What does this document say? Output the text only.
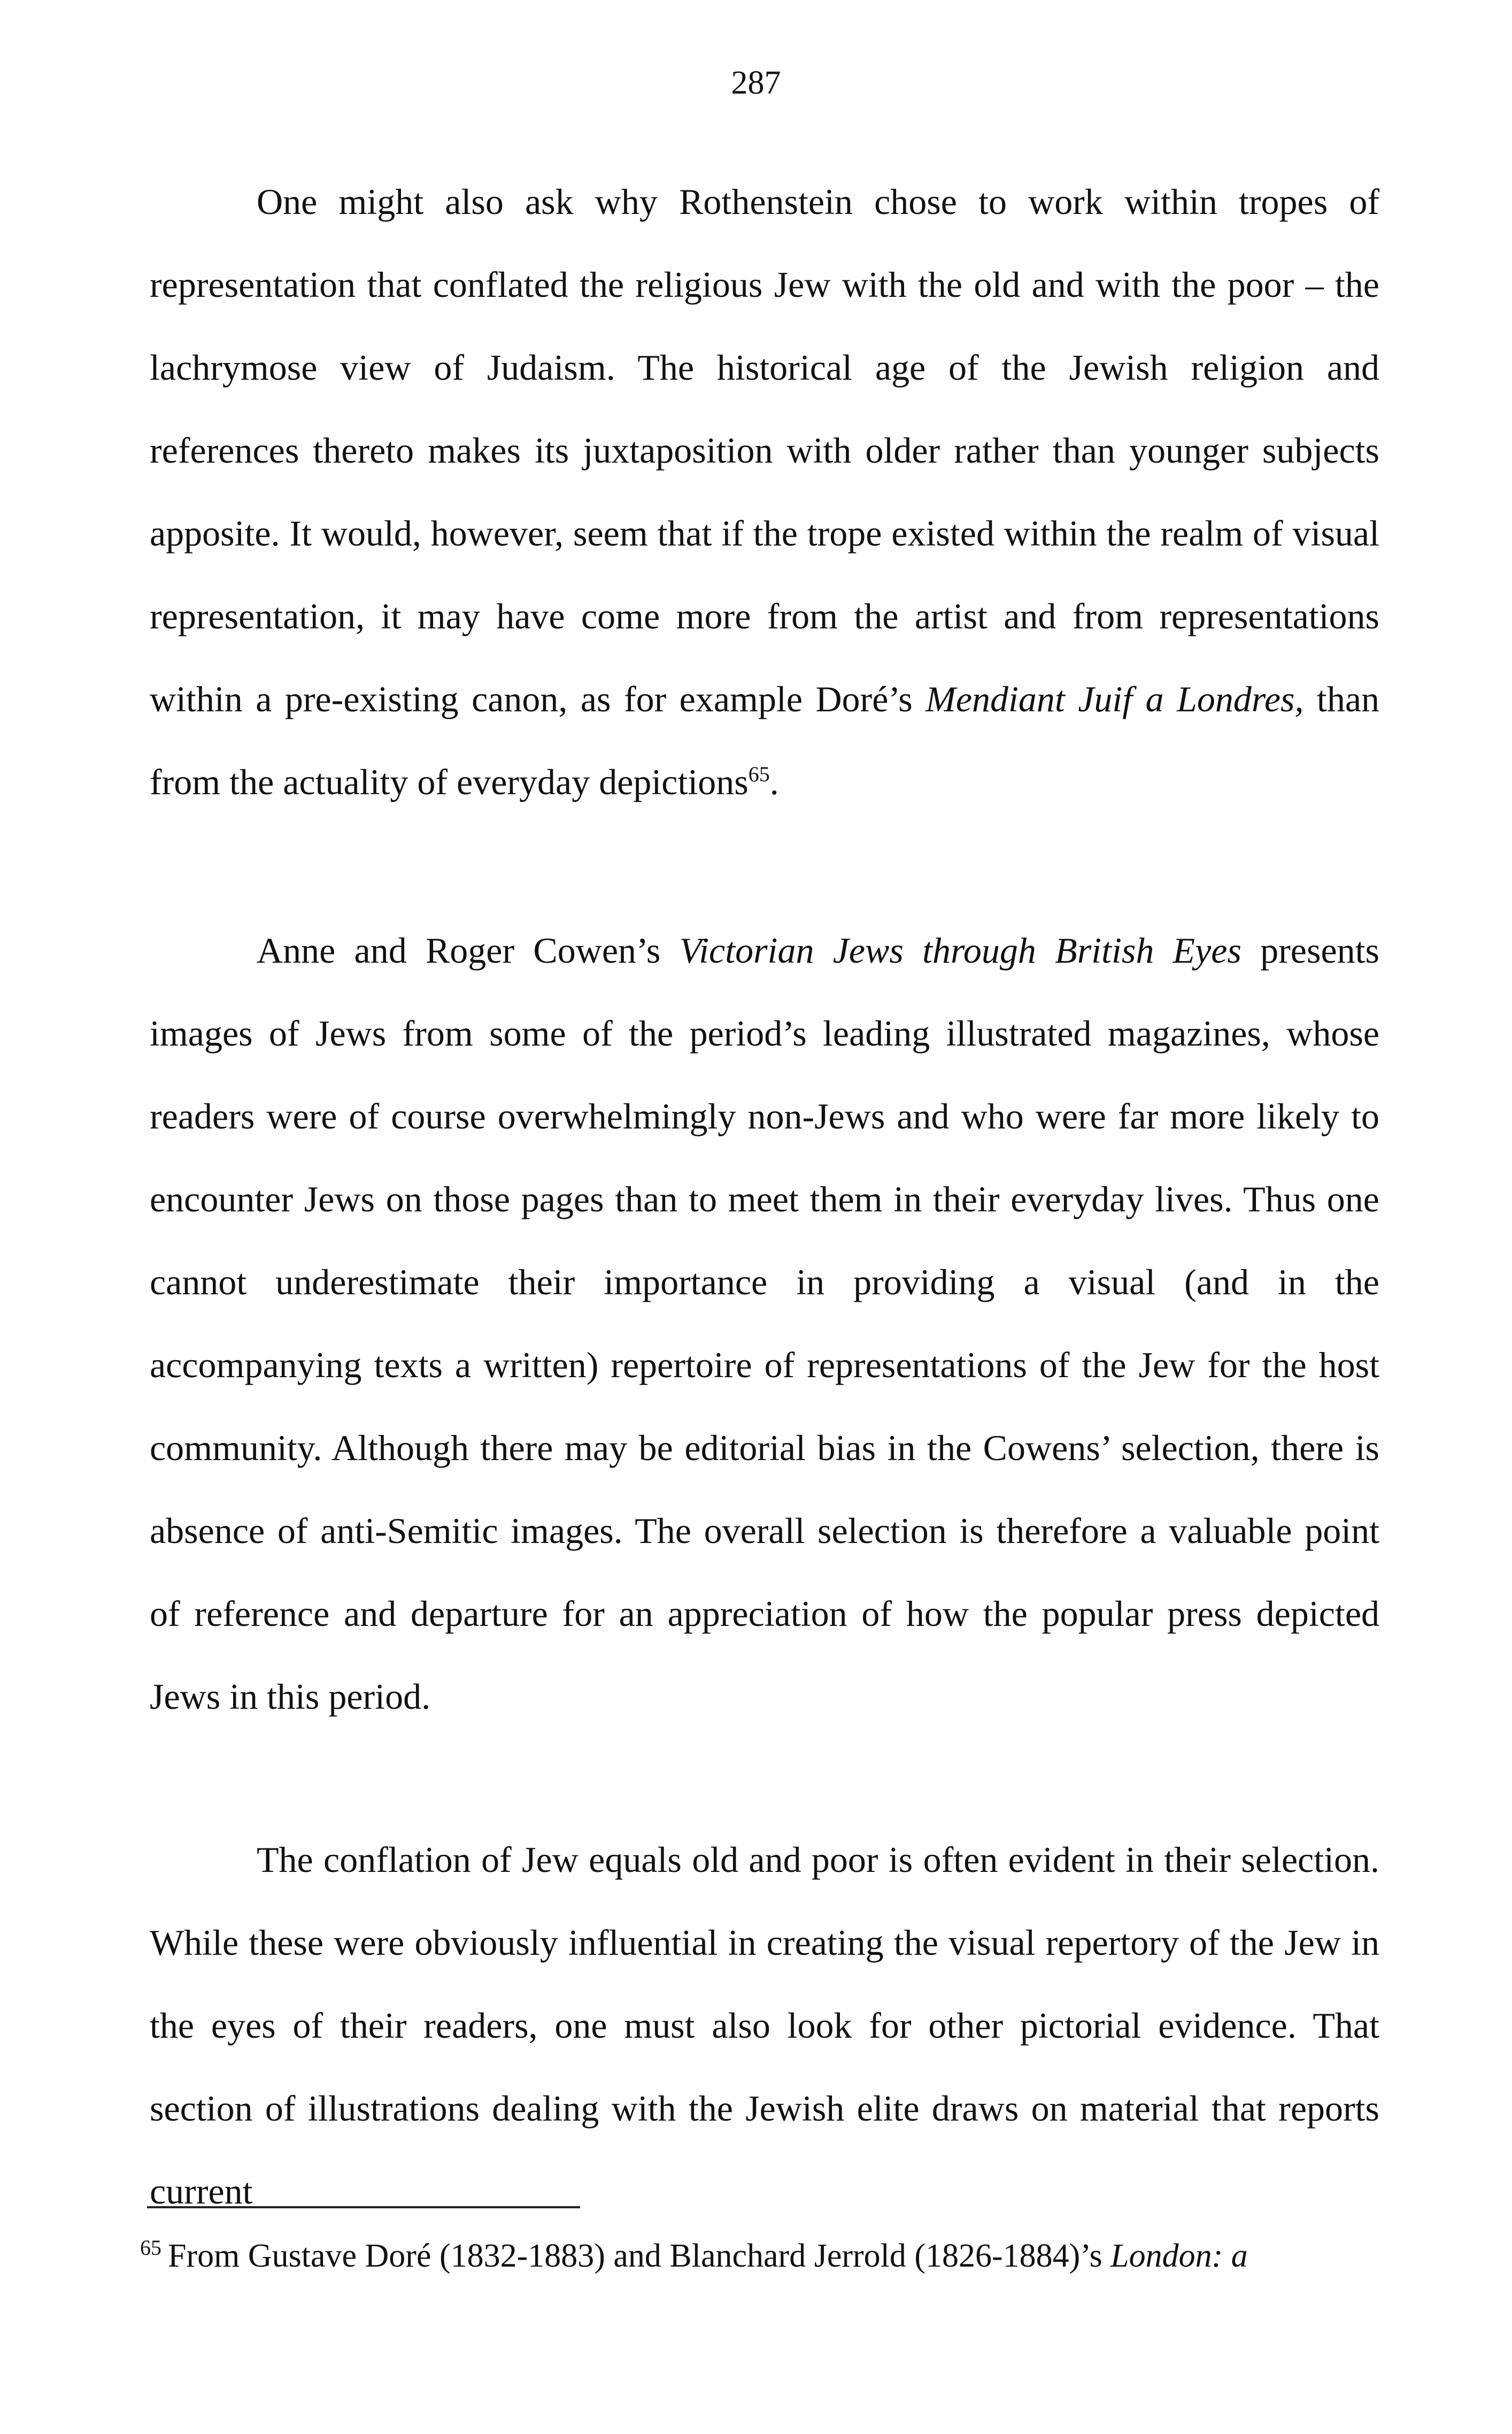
287

One might also ask why Rothenstein chose to work within tropes of representation that conflated the religious Jew with the old and with the poor – the lachrymose view of Judaism. The historical age of the Jewish religion and references thereto makes its juxtaposition with older rather than younger subjects apposite. It would, however, seem that if the trope existed within the realm of visual representation, it may have come more from the artist and from representations within a pre-existing canon, as for example Doré’s Mendiant Juif a Londres, than from the actuality of everyday depictions$^{65}$.

Anne and Roger Cowen’s Victorian Jews through British Eyes presents images of Jews from some of the period’s leading illustrated magazines, whose readers were of course overwhelmingly non-Jews and who were far more likely to encounter Jews on those pages than to meet them in their everyday lives. Thus one cannot underestimate their importance in providing a visual (and in the accompanying texts a written) repertoire of representations of the Jew for the host community. Although there may be editorial bias in the Cowens’ selection, there is absence of anti-Semitic images. The overall selection is therefore a valuable point of reference and departure for an appreciation of how the popular press depicted Jews in this period.

The conflation of Jew equals old and poor is often evident in their selection. While these were obviously influential in creating the visual repertory of the Jew in the eyes of their readers, one must also look for other pictorial evidence. That section of illustrations dealing with the Jewish elite draws on material that reports current

$^{65}$ From Gustave Doré (1832-1883) and Blanchard Jerrold (1826-1884)’s London: a
